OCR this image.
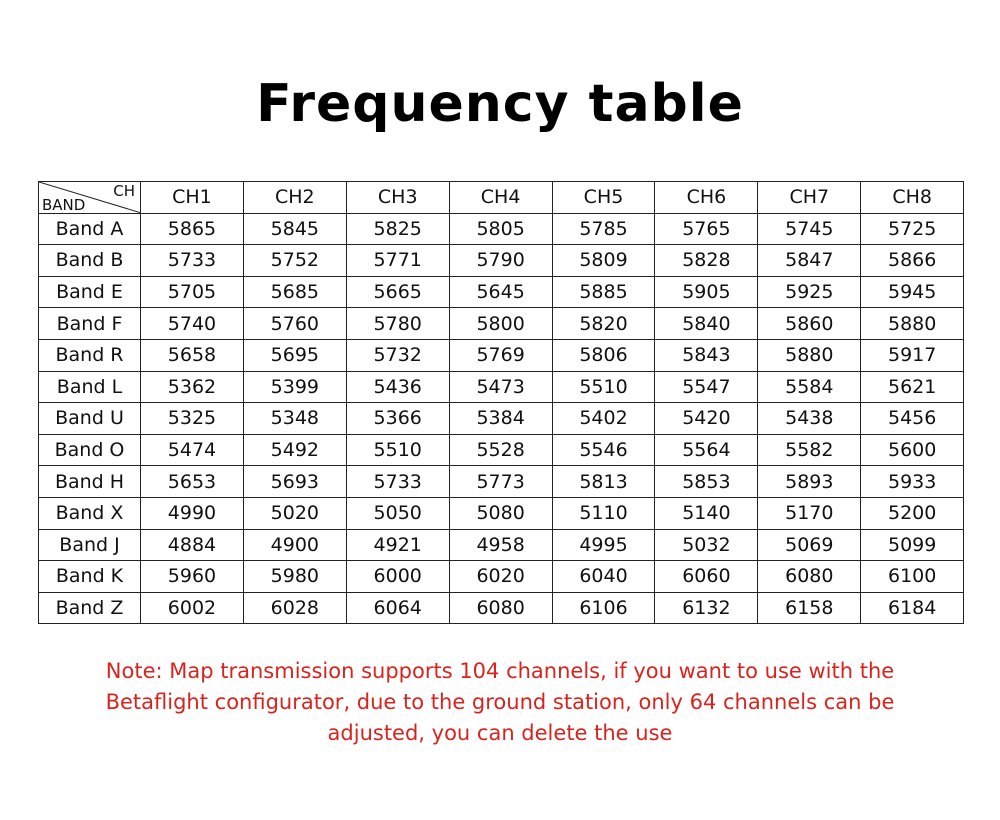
Frequency table
CH
BAND	CH1	CH2	CH3	CH4	CH5	CH6	CH7	CH8
Band A	5865	5845	5825	5805	5785	5765	5745	5725
Band B	5733	5752	5771	5790	5809	5828	5847	5866
Band E	5705	5685	5665	5645	5885	5905	5925	5945
Band F	5740	5760	5780	5800	5820	5840	5860	5880
Band R	5658	5695	5732	5769	5806	5843	5880	5917
Band L	5362	5399	5436	5473	5510	5547	5584	5621
Band U	5325	5348	5366	5384	5402	5420	5438	5456
Band O	5474	5492	5510	5528	5546	5564	5582	5600
Band H	5653	5693	5733	5773	5813	5853	5893	5933
Band X	4990	5020	5050	5080	5110	5140	5170	5200
Band J	4884	4900	4921	4958	4995	5032	5069	5099
Band K	5960	5980	6000	6020	6040	6060	6080	6100
Band Z	6002	6028	6064	6080	6106	6132	6158	6184
Note: Map transmission supports 104 channels, if you want to use with the Betaflight configurator, due to the ground station, only 64 channels can be adjusted, you can delete the use
